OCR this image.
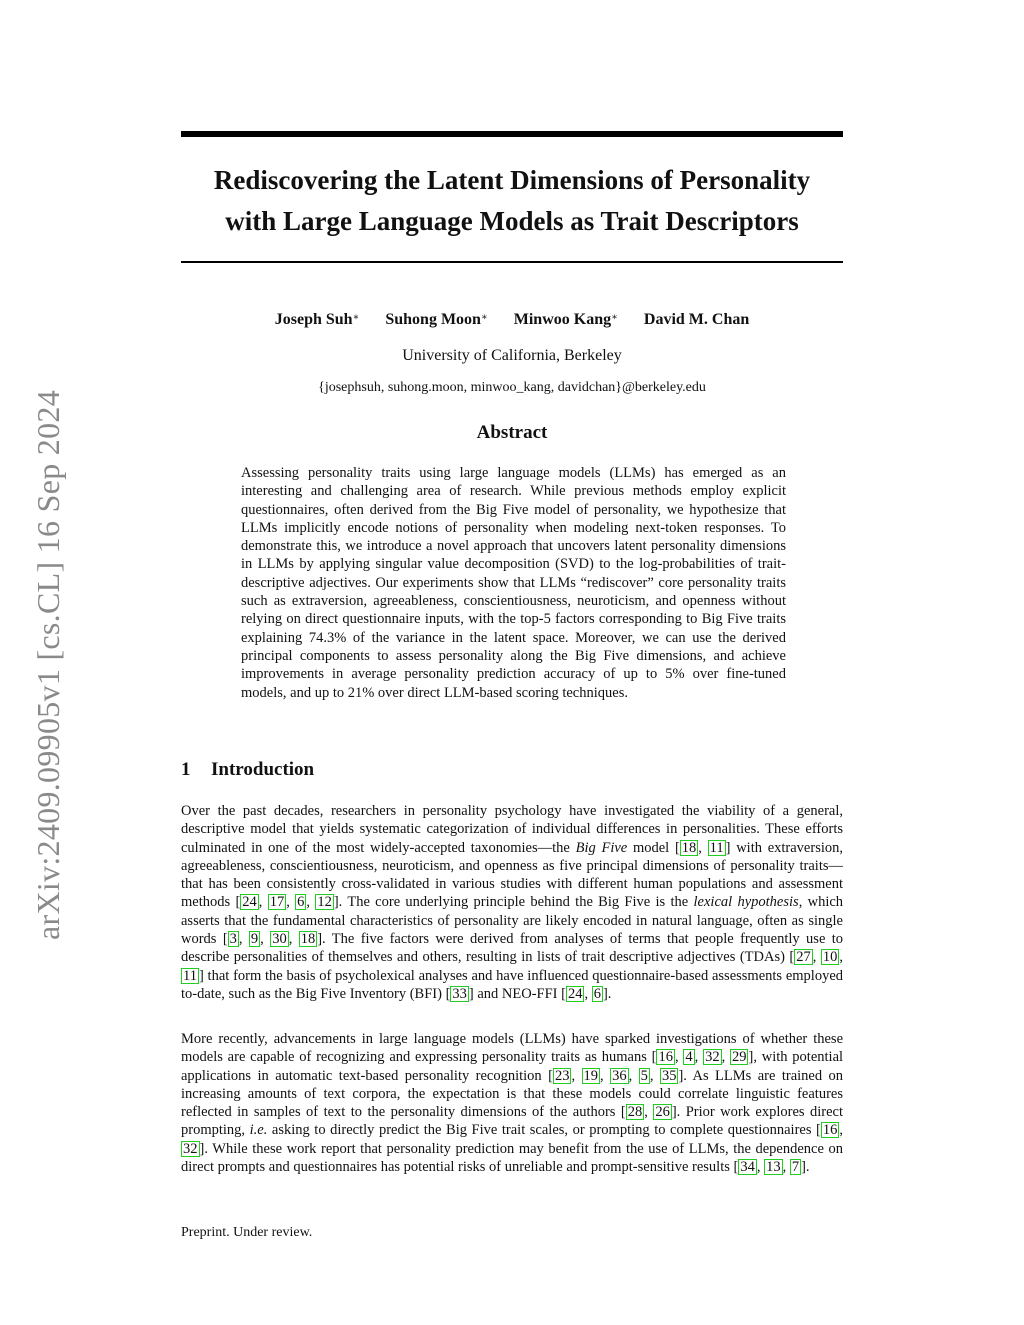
arXiv:2409.09905v1 [cs.CL] 16 Sep 2024
Rediscovering the Latent Dimensions of Personality
with Large Language Models as Trait Descriptors
Joseph Suh∗ Suhong Moon∗ Minwoo Kang∗ David M. Chan
University of California, Berkeley
{josephsuh, suhong.moon, minwoo_kang, davidchan}@berkeley.edu
Abstract
Assessing personality traits using large language models (LLMs) has emerged as an interesting and challenging area of research. While previous methods employ explicit questionnaires, often derived from the Big Five model of personality, we hypothesize that LLMs implicitly encode notions of personality when modeling next-token responses. To demonstrate this, we introduce a novel approach that uncovers latent personality dimensions in LLMs by applying singular value decomposition (SVD) to the log-probabilities of trait-descriptive adjectives. Our experiments show that LLMs “rediscover” core personality traits such as extraversion, agreeableness, conscientiousness, neuroticism, and openness without relying on direct questionnaire inputs, with the top-5 factors corresponding to Big Five traits explaining 74.3% of the variance in the latent space. Moreover, we can use the derived principal components to assess personality along the Big Five dimensions, and achieve improvements in average personality prediction accuracy of up to 5% over fine-tuned models, and up to 21% over direct LLM-based scoring techniques.
1 Introduction
Over the past decades, researchers in personality psychology have investigated the viability of a general, descriptive model that yields systematic categorization of individual differences in personalities. These efforts culminated in one of the most widely-accepted taxonomies—the Big Five model [ 18 , 11 ] with extraversion, agreeableness, conscientiousness, neuroticism, and openness as five principal dimensions of personality traits—that has been consistently cross-validated in various studies with different human populations and assessment methods [ 24 , 17 , 6 , 12 ]. The core underlying principle behind the Big Five is the lexical hypothesis, which asserts that the fundamental characteristics of personality are likely encoded in natural language, often as single words [ 3 , 9 , 30 , 18 ]. The five factors were derived from analyses of terms that people frequently use to describe personalities of themselves and others, resulting in lists of trait descriptive adjectives (TDAs) [ 27 , 10 , 11 ] that form the basis of psycholexical analyses and have influenced questionnaire-based assessments employed to-date, such as the Big Five Inventory (BFI) [ 33 ] and NEO-FFI [ 24 , 6 ].
More recently, advancements in large language models (LLMs) have sparked investigations of whether these models are capable of recognizing and expressing personality traits as humans [ 16 , 4 , 32 , 29 ], with potential applications in automatic text-based personality recognition [ 23 , 19 , 36 , 5 , 35 ]. As LLMs are trained on increasing amounts of text corpora, the expectation is that these models could correlate linguistic features reflected in samples of text to the personality dimensions of the authors [ 28 , 26 ]. Prior work explores direct prompting, i.e. asking to directly predict the Big Five trait scales, or prompting to complete questionnaires [ 16 , 32 ]. While these work report that personality prediction may benefit from the use of LLMs, the dependence on direct prompts and questionnaires has potential risks of unreliable and prompt-sensitive results [ 34 , 13 , 7 ].
Preprint. Under review.
